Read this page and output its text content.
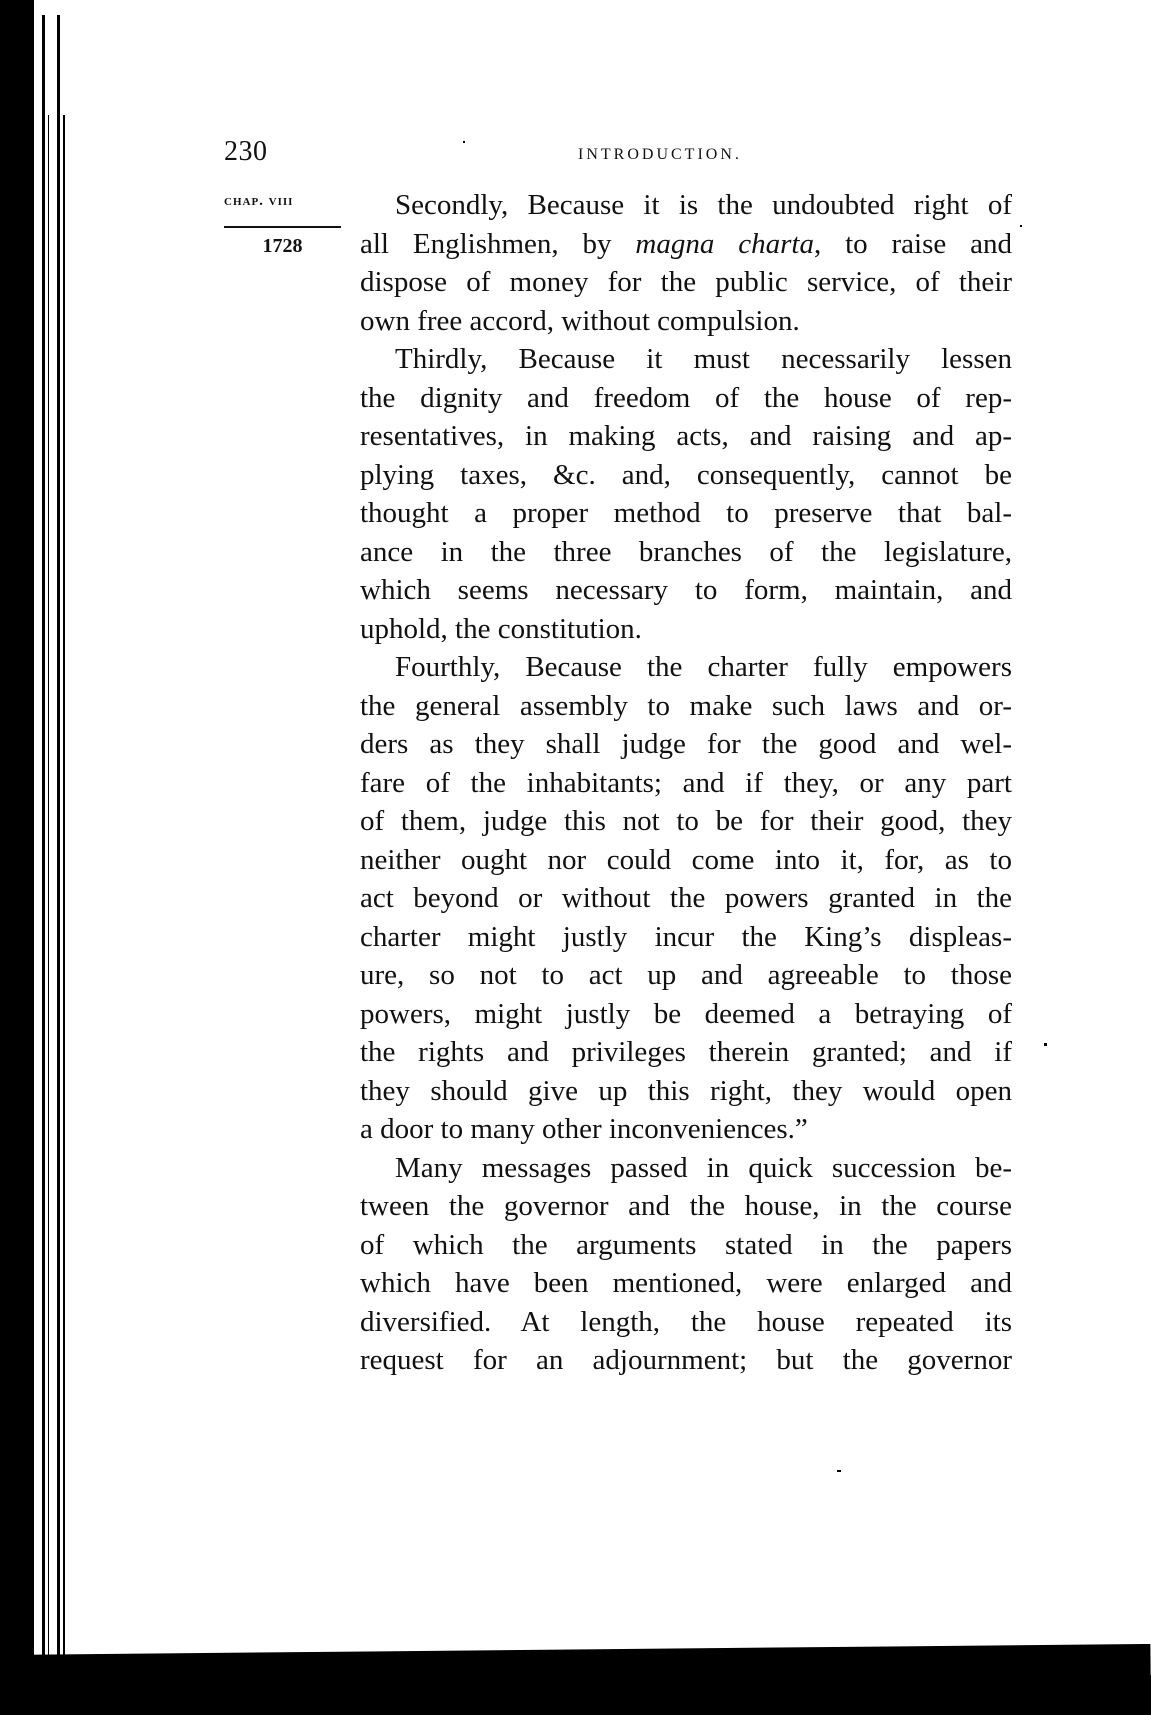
230	INTRODUCTION.
chap. viii
1728
Secondly, Because it is the undoubted right of
all Englishmen, by magna charta, to raise and
dispose of money for the public service, of their
own free accord, without compulsion.
Thirdly, Because it must necessarily lessen
the dignity and freedom of the house of rep-
resentatives, in making acts, and raising and ap-
plying taxes, &c. and, consequently, cannot be
thought a proper method to preserve that bal-
ance in the three branches of the legislature,
which seems necessary to form, maintain, and
uphold, the constitution.
Fourthly, Because the charter fully empowers
the general assembly to make such laws and or-
ders as they shall judge for the good and wel-
fare of the inhabitants; and if they, or any part
of them, judge this not to be for their good, they
neither ought nor could come into it, for, as to
act beyond or without the powers granted in the
charter might justly incur the King’s displeas-
ure, so not to act up and agreeable to those
powers, might justly be deemed a betraying of
the rights and privileges therein granted; and if
they should give up this right, they would open
a door to many other inconveniences.”
Many messages passed in quick succession be-
tween the governor and the house, in the course
of which the arguments stated in the papers
which have been mentioned, were enlarged and
diversified. At length, the house repeated its
request for an adjournment; but the governor
